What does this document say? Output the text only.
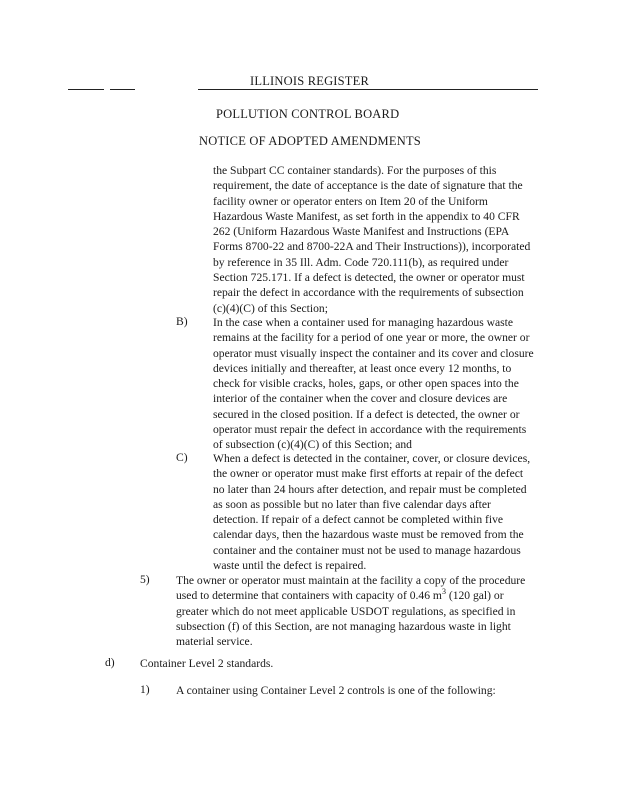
ILLINOIS REGISTER
POLLUTION CONTROL BOARD
NOTICE OF ADOPTED AMENDMENTS
the Subpart CC container standards). For the purposes of this requirement, the date of acceptance is the date of signature that the facility owner or operator enters on Item 20 of the Uniform Hazardous Waste Manifest, as set forth in the appendix to 40 CFR 262 (Uniform Hazardous Waste Manifest and Instructions (EPA Forms 8700-22 and 8700-22A and Their Instructions)), incorporated by reference in 35 Ill. Adm. Code 720.111(b), as required under Section 725.171. If a defect is detected, the owner or operator must repair the defect in accordance with the requirements of subsection (c)(4)(C) of this Section;
B) In the case when a container used for managing hazardous waste remains at the facility for a period of one year or more, the owner or operator must visually inspect the container and its cover and closure devices initially and thereafter, at least once every 12 months, to check for visible cracks, holes, gaps, or other open spaces into the interior of the container when the cover and closure devices are secured in the closed position. If a defect is detected, the owner or operator must repair the defect in accordance with the requirements of subsection (c)(4)(C) of this Section; and
C) When a defect is detected in the container, cover, or closure devices, the owner or operator must make first efforts at repair of the defect no later than 24 hours after detection, and repair must be completed as soon as possible but no later than five calendar days after detection. If repair of a defect cannot be completed within five calendar days, then the hazardous waste must be removed from the container and the container must not be used to manage hazardous waste until the defect is repaired.
5) The owner or operator must maintain at the facility a copy of the procedure used to determine that containers with capacity of 0.46 $m^3$ (120 gal) or greater which do not meet applicable USDOT regulations, as specified in subsection (f) of this Section, are not managing hazardous waste in light material service.
d) Container Level 2 standards.
1) A container using Container Level 2 controls is one of the following:
